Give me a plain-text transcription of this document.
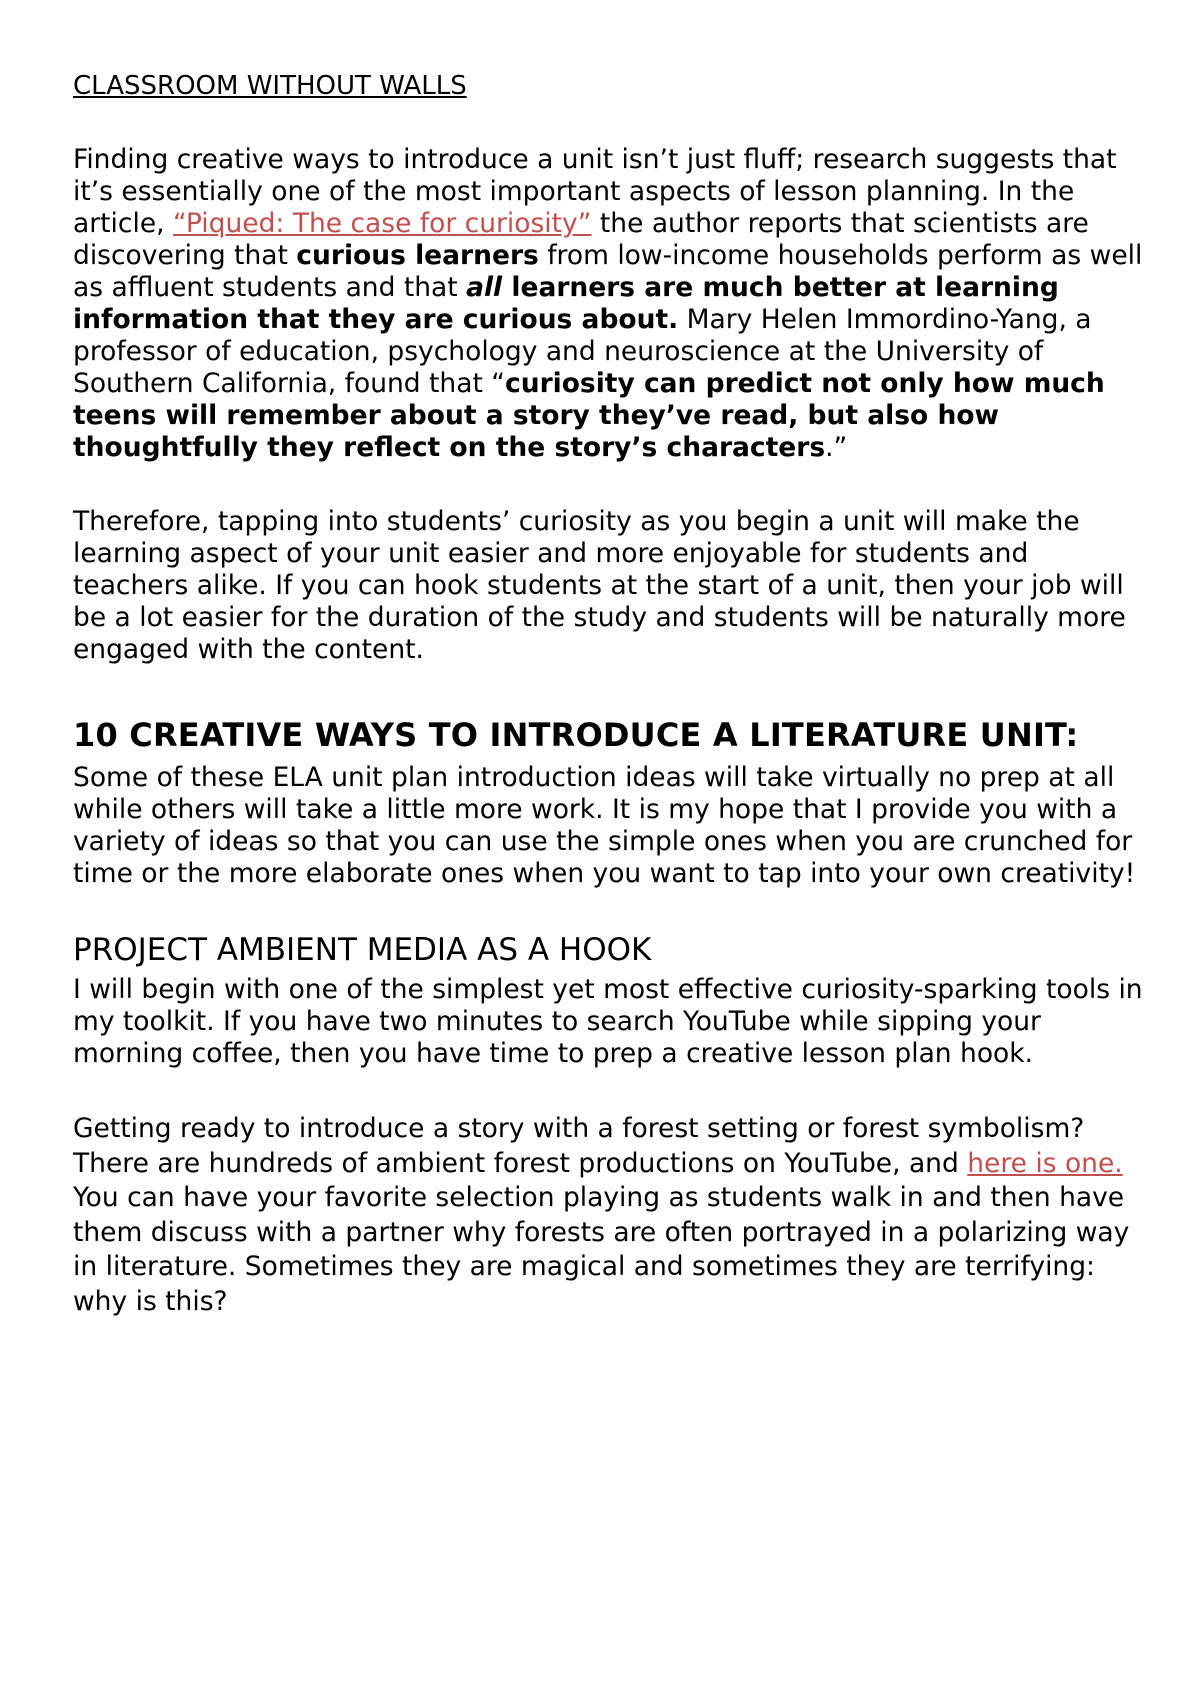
CLASSROOM WITHOUT WALLS

Finding creative ways to introduce a unit isn’t just fluff; research suggests that it’s essentially one of the most important aspects of lesson planning. In the article, “Piqued: The case for curiosity” the author reports that scientists are discovering that curious learners from low-income households perform as well as affluent students and that all learners are much better at learning information that they are curious about. Mary Helen Immordino-Yang, a professor of education, psychology and neuroscience at the University of Southern California, found that “curiosity can predict not only how much teens will remember about a story they’ve read, but also how thoughtfully they reflect on the story’s characters.”

Therefore, tapping into students’ curiosity as you begin a unit will make the learning aspect of your unit easier and more enjoyable for students and teachers alike. If you can hook students at the start of a unit, then your job will be a lot easier for the duration of the study and students will be naturally more engaged with the content.

10 CREATIVE WAYS TO INTRODUCE A LITERATURE UNIT:

Some of these ELA unit plan introduction ideas will take virtually no prep at all while others will take a little more work. It is my hope that I provide you with a variety of ideas so that you can use the simple ones when you are crunched for time or the more elaborate ones when you want to tap into your own creativity!

PROJECT AMBIENT MEDIA AS A HOOK

I will begin with one of the simplest yet most effective curiosity-sparking tools in my toolkit. If you have two minutes to search YouTube while sipping your morning coffee, then you have time to prep a creative lesson plan hook.

Getting ready to introduce a story with a forest setting or forest symbolism? There are hundreds of ambient forest productions on YouTube, and here is one. You can have your favorite selection playing as students walk in and then have them discuss with a partner why forests are often portrayed in a polarizing way in literature. Sometimes they are magical and sometimes they are terrifying: why is this?
